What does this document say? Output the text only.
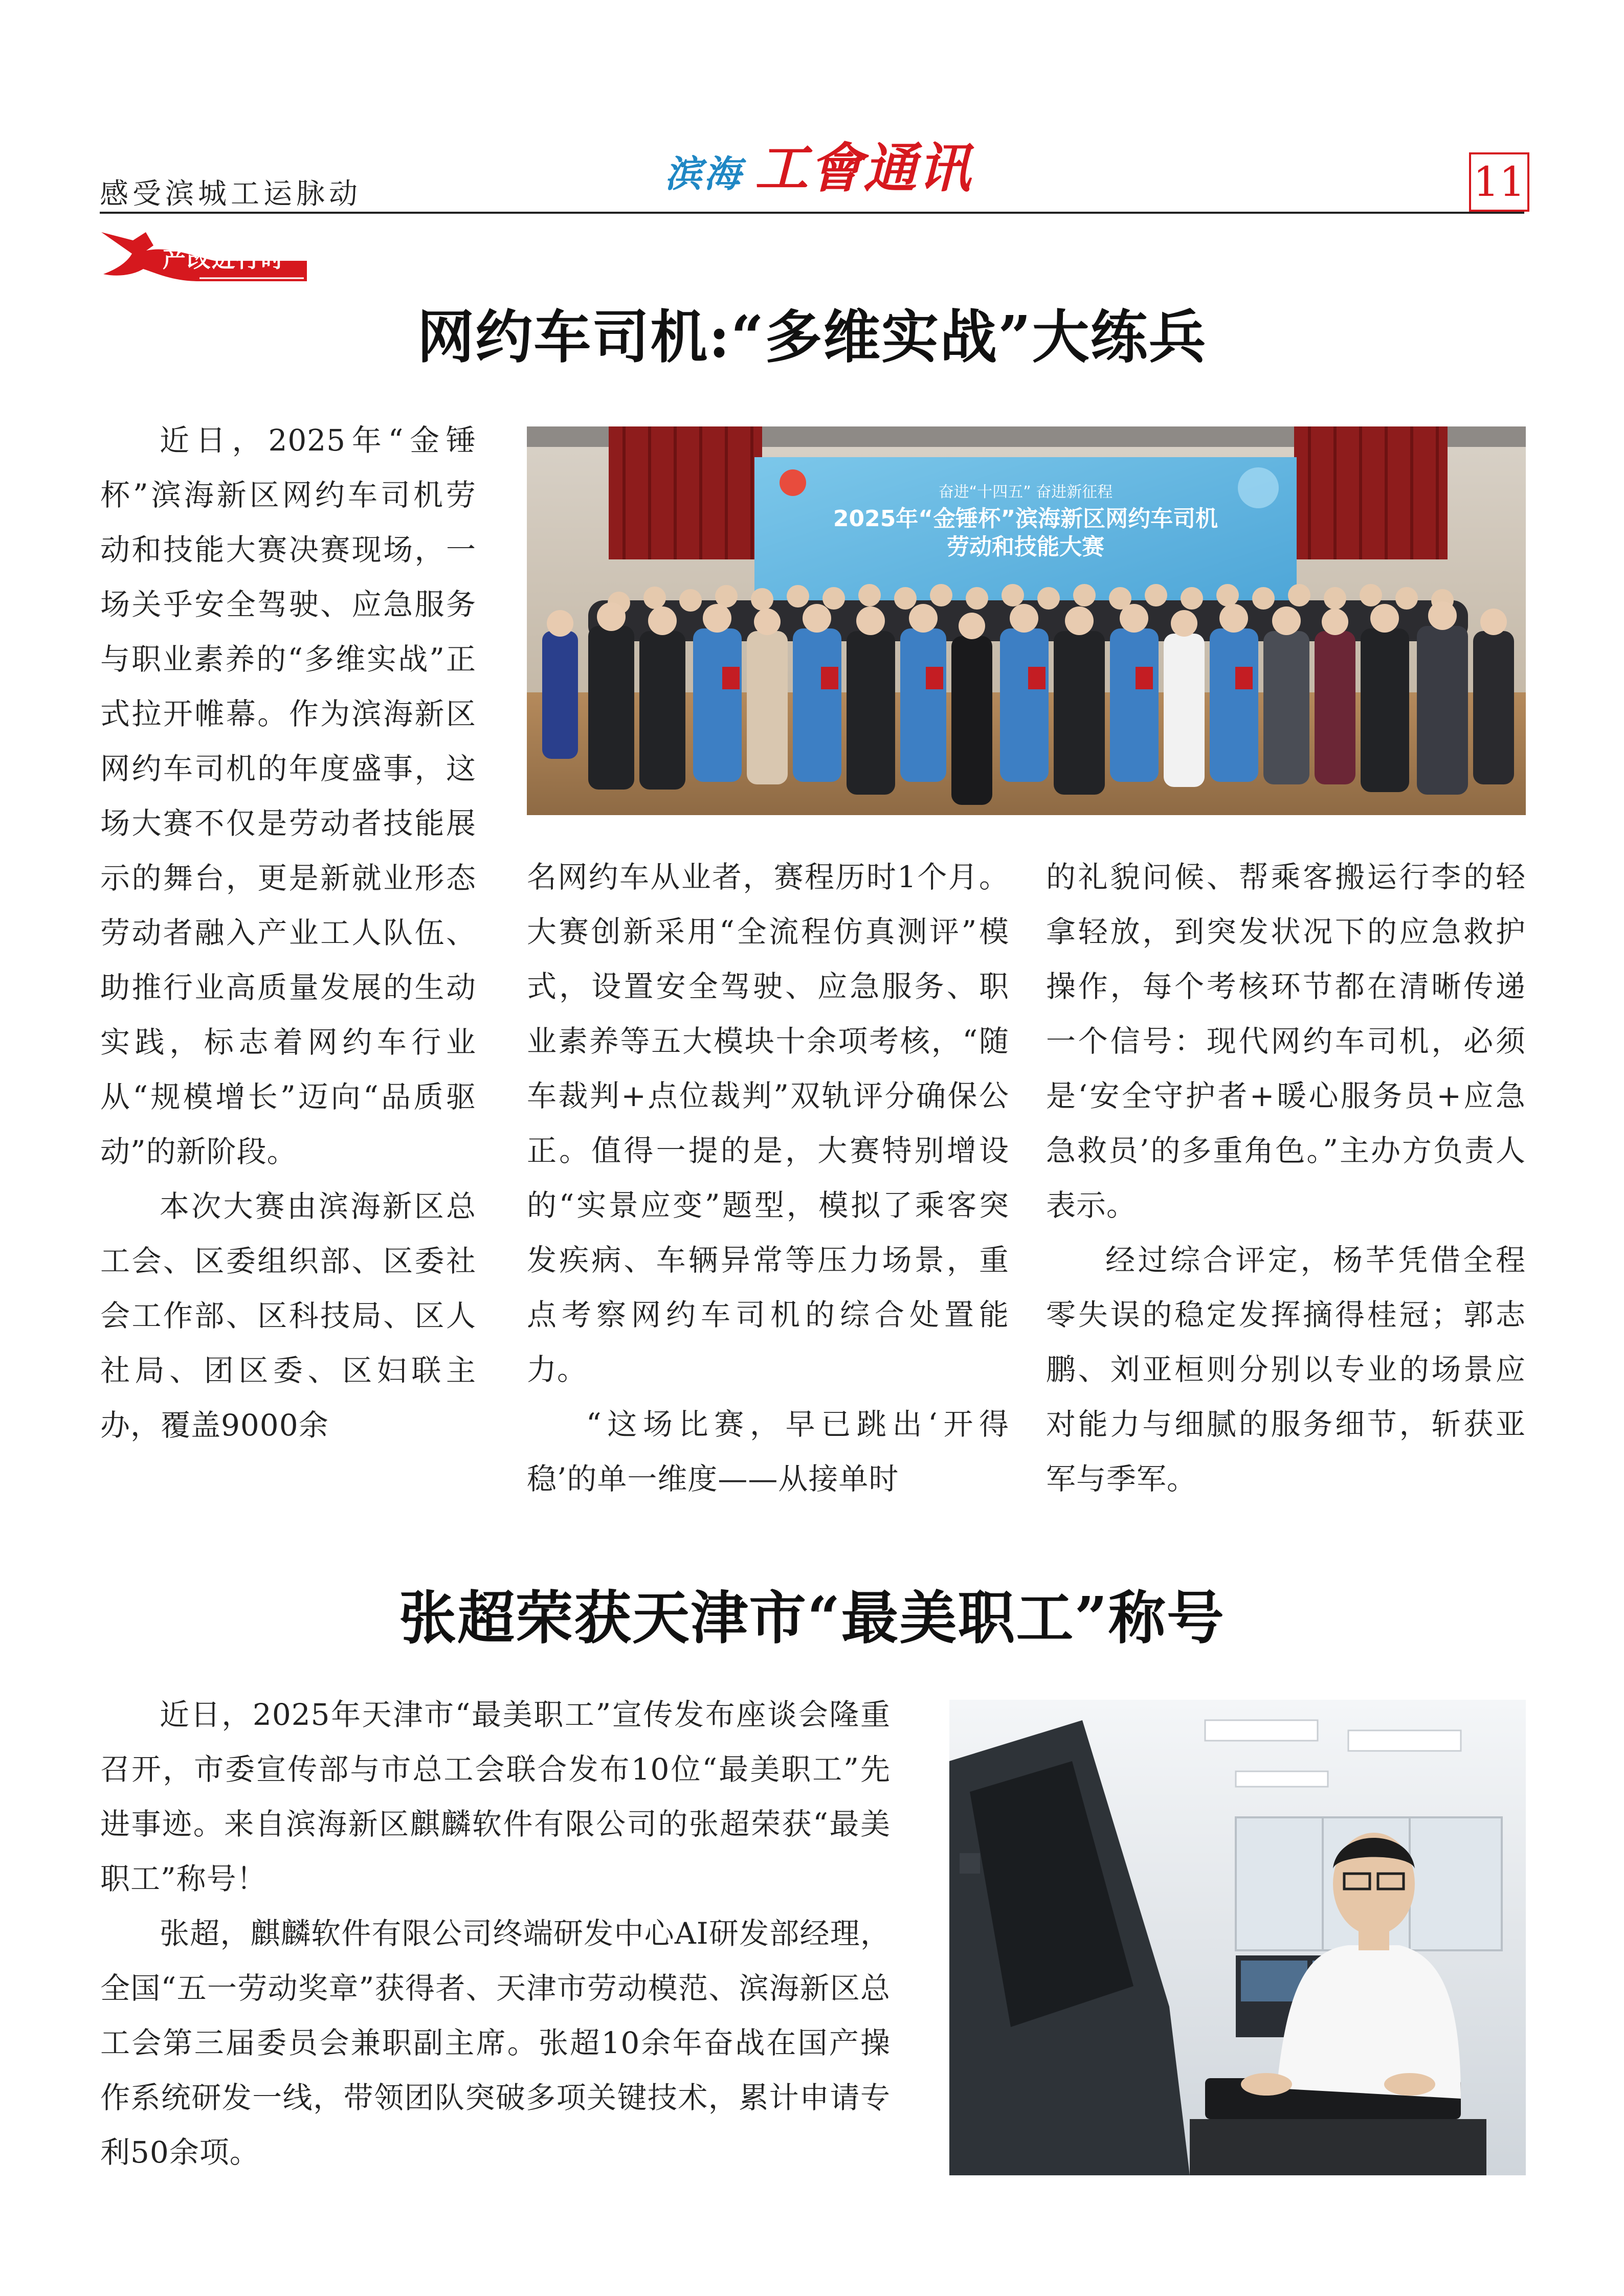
感受滨城工运脉动	滨海 工會通讯	11
产改进行时
网约车司机:“多维实战”大练兵

近日，2025年“金锤杯”滨海新区网约车司机劳动和技能大赛决赛现场，一场关乎安全驾驶、应急服务与职业素养的“多维实战”正式拉开帷幕。作为滨海新区网约车司机的年度盛事，这场大赛不仅是劳动者技能展示的舞台，更是新就业形态劳动者融入产业工人队伍、助推行业高质量发展的生动实践，标志着网约车行业从“规模增长”迈向“品质驱动”的新阶段。

本次大赛由滨海新区总工会、区委组织部、区委社会工作部、区科技局、区人社局、团区委、区妇联主办，覆盖9000余

奋进“十四五” 奋进新征程
2025年“金锤杯”滨海新区网约车司机
劳动和技能大赛

名网约车从业者，赛程历时1个月。大赛创新采用“全流程仿真测评”模式，设置安全驾驶、应急服务、职业素养等五大模块十余项考核，“随车裁判+点位裁判”双轨评分确保公正。值得一提的是，大赛特别增设的“实景应变”题型，模拟了乘客突发疾病、车辆异常等压力场景，重点考察网约车司机的综合处置能力。

“这场比赛，早已跳出‘开得稳’的单一维度——从接单时

的礼貌问候、帮乘客搬运行李的轻拿轻放，到突发状况下的应急救护操作，每个考核环节都在清晰传递一个信号：现代网约车司机，必须是‘安全守护者+暖心服务员+应急急救员’的多重角色。”主办方负责人表示。

经过综合评定，杨芊凭借全程零失误的稳定发挥摘得桂冠；郭志鹏、刘亚桓则分别以专业的场景应对能力与细腻的服务细节，斩获亚军与季军。

张超荣获天津市“最美职工”称号

近日，2025年天津市“最美职工”宣传发布座谈会隆重召开，市委宣传部与市总工会联合发布10位“最美职工”先进事迹。来自滨海新区麒麟软件有限公司的张超荣获“最美职工”称号！

张超，麒麟软件有限公司终端研发中心AI研发部经理，全国“五一劳动奖章”获得者、天津市劳动模范、滨海新区总工会第三届委员会兼职副主席。张超10余年奋战在国产操作系统研发一线，带领团队突破多项关键技术，累计申请专利50余项。
